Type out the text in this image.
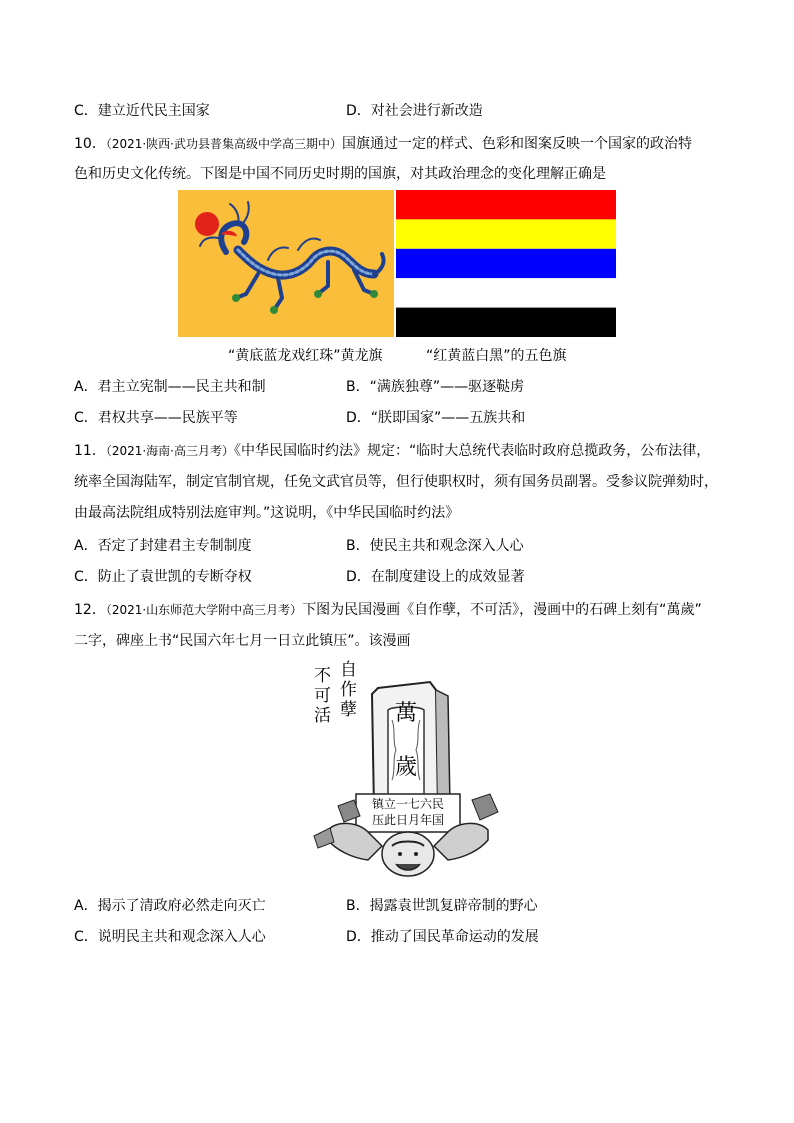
C．建立近代民主国家	D．对社会进行新改造
10．（2021·陕西·武功县普集高级中学高三期中）国旗通过一定的样式、色彩和图案反映一个国家的政治特
色和历史文化传统。下图是中国不同历史时期的国旗，对其政治理念的变化理解正确是
“黄底蓝龙戏红珠”黄龙旗	“红黄蓝白黑”的五色旗
A．君主立宪制——民主共和制	B．“满族独尊”——驱逐鞑虏
C．君权共享——民族平等	D．“朕即国家”——五族共和
11．（2021·海南·高三月考）《中华民国临时约法》规定：“临时大总统代表临时政府总揽政务，公布法律，
统率全国海陆军，制定官制官规，任免文武官员等，但行使职权时，须有国务员副署。受参议院弹劾时，
由最高法院组成特别法庭审判。”这说明，《中华民国临时约法》
A．否定了封建君主专制制度	B．使民主共和观念深入人心
C．防止了袁世凯的专断夺权	D．在制度建设上的成效显著
12．（2021·山东师范大学附中高三月考）下图为民国漫画《自作孽，不可活》，漫画中的石碑上刻有“萬歲”
二字，碑座上书“民国六年七月一日立此镇压”。该漫画
自作孽
不可活	萬
歲
镇立一七六民
压此日月年国
A．揭示了清政府必然走向灭亡	B．揭露袁世凯复辟帝制的野心
C．说明民主共和观念深入人心	D．推动了国民革命运动的发展
